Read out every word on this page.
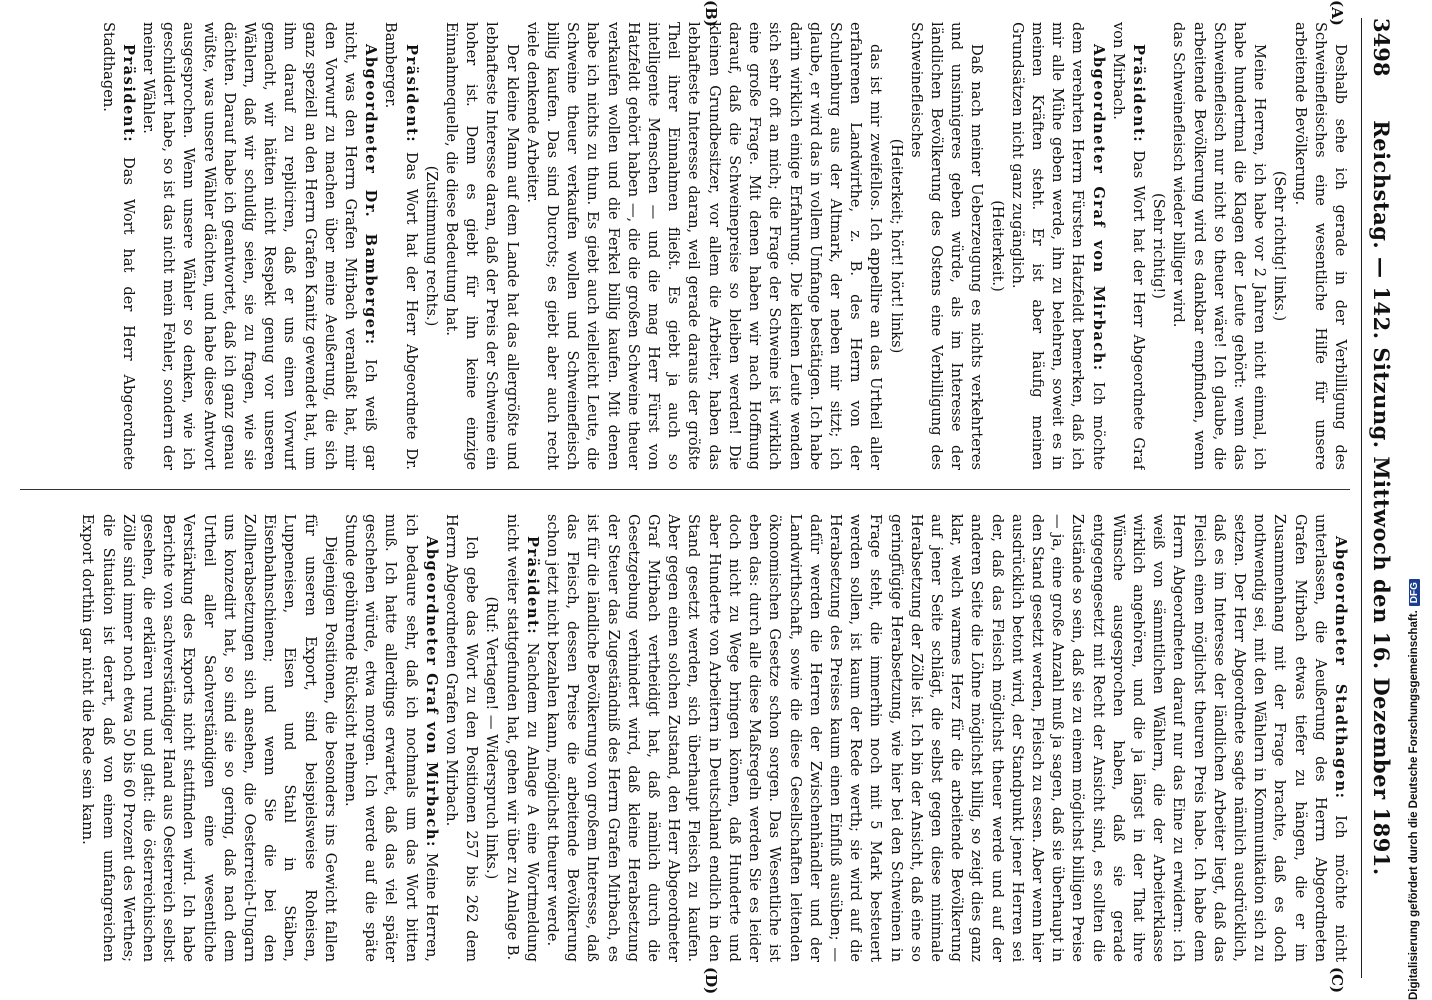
3498
Reichstag. — 142. Sitzung. Mittwoch den 16. Dezember 1891.
(A)
(B)
(C)
(D)

Deshalb sehe ich gerade in der Verbilligung des Schweinefleisches eine wesentliche Hilfe für unsere arbeitende Bevölkerung.

(Sehr richtig! links.)

Meine Herren, ich habe vor 2 Jahren nicht einmal, ich habe hundertmal die Klagen der Leute gehört: wenn das Schweinefleisch nur nicht so theuer wäre! Ich glaube, die arbeitende Bevölkerung wird es dankbar empfinden, wenn das Schweinefleisch wieder billiger wird.

(Sehr richtig!)

Präsident: Das Wort hat der Herr Abgeordnete Graf von Mirbach.

Abgeordneter Graf von Mirbach: Ich möchte dem verehrten Herrn Fürsten Hatzfeldt bemerken, daß ich mir alle Mühe geben werde, ihn zu belehren, soweit es in meinen Kräften steht. Er ist aber häufig meinen Grundsätzen nicht ganz zugänglich.

(Heiterkeit.)

Daß nach meiner Ueberzeugung es nichts verkehrteres und unsinnigeres geben würde, als im Interesse der ländlichen Bevölkerung des Ostens eine Verbilligung des Schweinefleisches

(Heiterkeit; hört! hört! links)

das ist mir zweifellos. Ich appellire an das Urtheil aller erfahrenen Landwirthe, z. B. des Herrn von der Schulenburg aus der Altmark, der neben mir sitzt; ich glaube, er wird das in vollem Umfange bestätigen. Ich habe darin wirklich einige Erfahrung. Die kleinen Leute wenden sich sehr oft an mich; die Frage der Schweine ist wirklich eine große Frage. Mit denen haben wir nach Hoffnung darauf, daß die Schweinepreise so bleiben werden! Die kleinen Grundbesitzer, vor allem die Arbeiter, haben das lebhafteste Interesse daran, weil gerade daraus der größte Theil ihrer Einnahmen fließt. Es giebt ja auch so intelligente Menschen — und die mag Herr Fürst von Hatzfeldt gehört haben —, die die großen Schweine theuer verkaufen wollen und die Ferkel billig kaufen. Mit denen habe ich nichts zu thun. Es giebt auch vielleicht Leute, die Schweine theuer verkaufen wollen und Schweinefleisch billig kaufen. Das sind Ducrots; es giebt aber auch recht viele denkende Arbeiter.

Der kleine Mann auf dem Lande hat das allergrößte und lebhafteste Interesse daran, daß der Preis der Schweine ein hoher ist. Denn es giebt für ihn keine einzige Einnahmequelle, die diese Bedeutung hat.

(Zustimmung rechts.)

Präsident: Das Wort hat der Herr Abgeordnete Dr. Bamberger.

Abgeordneter Dr. Bamberger: Ich weiß gar nicht, was den Herrn Grafen Mirbach veranlaßt hat, mir den Vorwurf zu machen über meine Aeußerung, die sich ganz speziell an den Herrn Grafen Kanitz gewendet hat, um ihm darauf zu repliciren, daß er uns einen Vorwurf gemacht, wir hätten nicht Respekt genug vor unseren Wählern, daß wir schuldig seien, sie zu fragen, wie sie dächten. Darauf habe ich geantwortet, daß ich ganz genau wüßte, was unsere Wähler dächten, und habe diese Antwort ausgesprochen. Wenn unsere Wähler so denken, wie ich geschildert habe, so ist das nicht mein Fehler, sondern der meiner Wähler.

Präsident: Das Wort hat der Herr Abgeordnete Stadthagen.

Abgeordneter Stadthagen: Ich möchte nicht unterlassen, die Aeußerung des Herrn Abgeordneten Grafen Mirbach etwas tiefer zu hängen, die er im Zusammenhang mit der Frage brachte, daß es doch nothwendig sei, mit den Wählern in Kommunikation sich zu setzen. Der Herr Abgeordnete sagte nämlich ausdrücklich, daß es im Interesse der ländlichen Arbeiter liegt, daß das Fleisch einen möglichst theuren Preis habe. Ich habe dem Herrn Abgeordneten darauf nur das Eine zu erwidern: ich weiß von sämmtlichen Wählern, die der Arbeiterklasse wirklich angehören, und die ja längst in der That ihre Wünsche ausgesprochen haben, daß sie gerade entgegengesetzt mit Recht der Ansicht sind, es sollten die Zustände so sein, daß sie zu einem möglichst billigen Preise — ja, eine große Anzahl muß ja sagen, daß sie überhaupt in den Stand gesetzt werden, Fleisch zu essen. Aber wenn hier ausdrücklich betont wird, der Standpunkt jener Herren sei der, daß das Fleisch möglichst theuer werde und auf der anderen Seite die Löhne möglichst billig, so zeigt dies ganz klar, welch warmes Herz für die arbeitende Bevölkerung auf jener Seite schlägt, die selbst gegen diese minimale Herabsetzung der Zölle ist. Ich bin der Ansicht, daß eine so geringfügige Herabsetzung, wie hier bei den Schweinen in Frage steht, die immerhin noch mit 5 Mark besteuert werden sollen, ist kaum der Rede werth; sie wird auf die Herabsetzung des Preises kaum einen Einfluß ausüben; — dafür werden die Herren der Zwischenhändler und der Landwirthschaft, sowie die diese Gesellschaften leitenden ökonomischen Gesetze schon sorgen. Das Wesentliche ist eben das: durch alle diese Maßregeln werden Sie es leider doch nicht zu Wege bringen können, daß Hunderte und aber Hunderte von Arbeitern in Deutschland endlich in den Stand gesetzt werden, sich überhaupt Fleisch zu kaufen. Aber gegen einen solchen Zustand, den Herr Abgeordneter Graf Mirbach vertheidigt hat, daß nämlich durch die Gesetzgebung verhindert wird, daß kleine Herabsetzung der Steuer das Zugeständniß des Herrn Grafen Mirbach, es ist für die ländliche Bevölkerung von großem Interesse, daß das Fleisch, dessen Preise die arbeitende Bevölkerung schon jetzt nicht bezahlen kann, möglichst theurer werde.

Präsident: Nachdem zu Anlage A eine Wortmeldung nicht weiter stattgefunden hat, gehen wir über zu Anlage B.

(Ruf: Vertagen! — Widerspruch links.)

Ich gebe das Wort zu den Positionen 257 bis 262 dem Herrn Abgeordneten Grafen von Mirbach.

Abgeordneter Graf von Mirbach: Meine Herren, ich bedaure sehr, daß ich nochmals um das Wort bitten muß. Ich hatte allerdings erwartet, daß das viel später geschehen würde, etwa morgen. Ich werde auf die späte Stunde gebührende Rücksicht nehmen.

Diejenigen Positionen, die besonders ins Gewicht fallen für unseren Export, sind beispielsweise Roheisen, Luppeneisen, Eisen und Stahl in Stäben, Eisenbahnschienen; und wenn Sie die bei den Zollherabsetzungen sich ansehen, die Oesterreich-Ungarn uns konzedirt hat, so sind sie so gering, daß nach dem Urtheil aller Sachverständigen eine wesentliche Verstärkung des Exports nicht stattfinden wird. Ich habe Berichte von sachverständiger Hand aus Oesterreich selbst gesehen, die erklären rund und glatt: die österreichischen Zölle sind immer noch etwa 50 bis 60 Prozent des Werthes; die Situation ist derart, daß von einem umfangreichen Export dorthin gar nicht die Rede sein kann.	Digitalisierung gefördert durch die Deutsche Forschungsgemeinschaft.DFG
